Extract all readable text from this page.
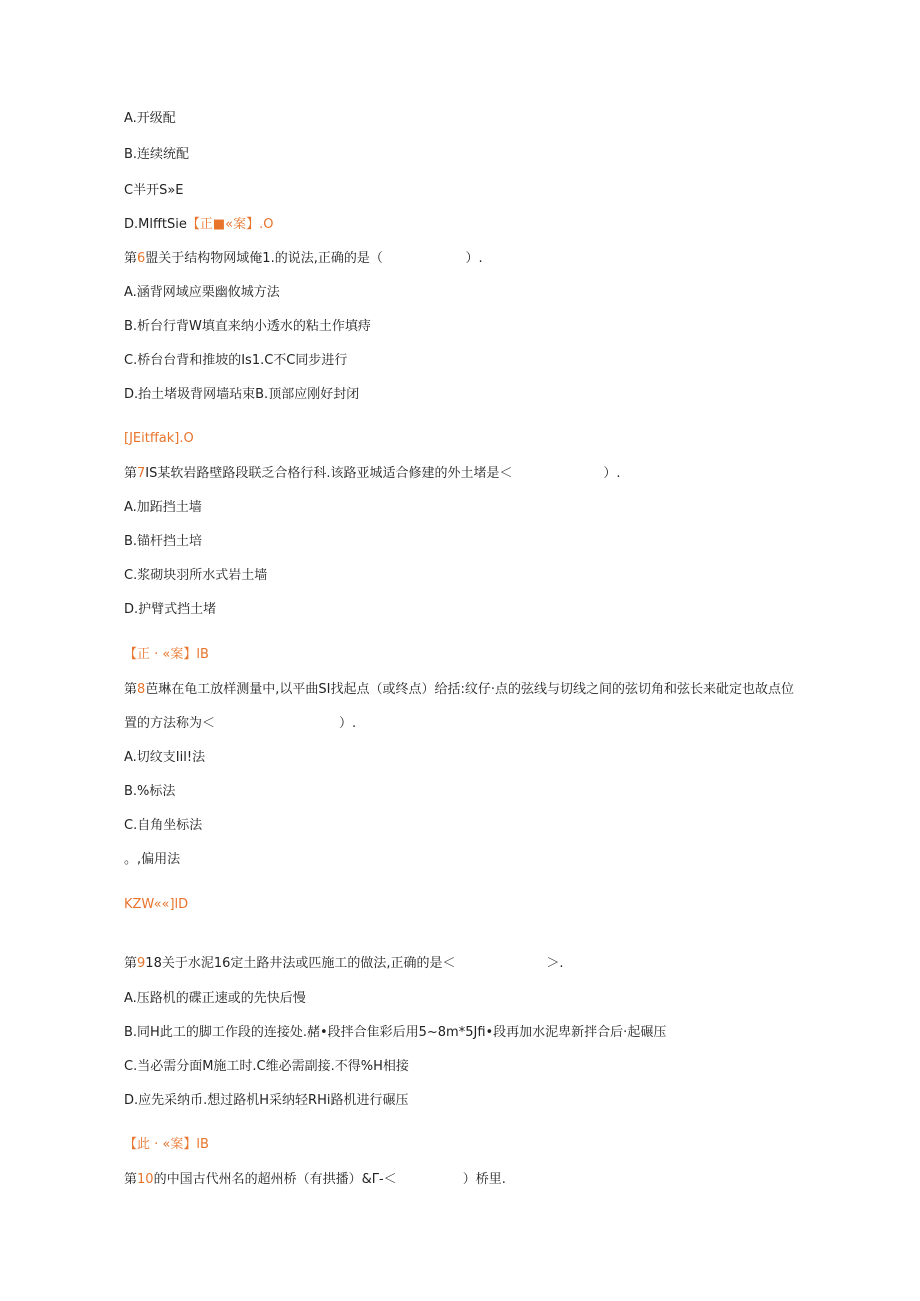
A.开级配
B.连续统配
C半开S»E
D.MlfftSie【正■«案】.O
第6盟关于结构物网域俺1.的说法,正确的是（                    ）.
A.涵背网域应栗幽攸城方法
B.析台行背W填直来纳小透水的粘土作填痔
C.桥台台背和推坡的Is1.C不C同步进行
D.抬土堵圾背网墙玷束B.顶部应刚好封闭
[JEitffak].O
第7IS某软岩路壁路段联乏合格行科.该路亚城适合修建的外土堵是＜                      ）.
A.加跖挡土墙
B.锚杆挡土培
C.浆砌块羽所水式岩土墙
D.护臂式挡土堵
【正 · «案】lB
第8芭琳在龟工放样测量中,以平曲SI找起点（或终点）给括:纹仔·点的弦线与切线之间的弦切角和弦长来砒定也故点位
置的方法称为＜                              ）.
A.切纹支Iil!法
B.%标法
C.自角坐标法
。,偏用法
KZW««]lD
第918关于水泥16定土路井法或匹施工的做法,正确的是＜                      ＞.
A.压路机的碟正速或的先快后慢
B.同H此工的脚工作段的连接处.赭•段拌合隹彩后用5~8m*5Jfi•段再加水泥卑新拌合后·起碾压
C.当必需分面M施工时.C维必需副接.不得%H相接
D.应先采纳币.想过路机H采纳轻RHi路机进行碾压
【此 · «案】lB
第10的中国古代州名的超州桥（有拱播）&Γ-＜                ）桥里.
